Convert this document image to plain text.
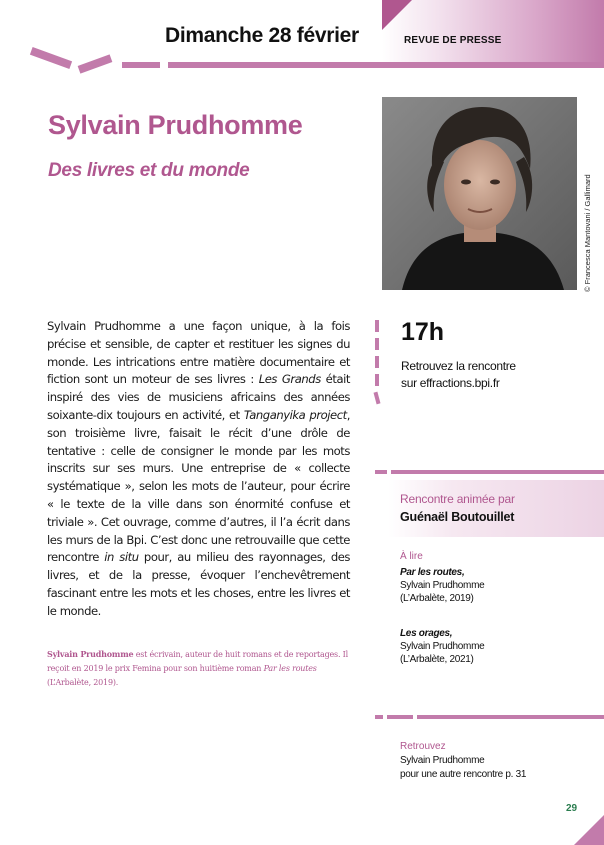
Dimanche 28 février	REVUE DE PRESSE
Sylvain Prudhomme
Des livres et du monde
© Francesca Mantovani / Gallimard

Sylvain Prudhomme a une façon unique, à la fois précise et sensible, de capter et restituer les signes du monde. Les intrications entre matière documentaire et fiction sont un moteur de ses livres : Les Grands était inspiré des vies de musiciens africains des années soixante-dix toujours en activité, et Tanganyika project, son troisième livre, faisait le récit d’une drôle de tentative : celle de consigner le monde par les mots inscrits sur ses murs. Une entreprise de « collecte systématique », selon les mots de l’auteur, pour écrire « le texte de la ville dans son énormité confuse et triviale ». Cet ouvrage, comme d’autres, il l’a écrit dans les murs de la Bpi. C’est donc une retrouvaille que cette rencontre in situ pour, au milieu des rayonnages, des livres, et de la presse, évoquer l’enchevêtrement fascinant entre les mots et les choses, entre les livres et le monde.

Sylvain Prudhomme est écrivain, auteur de huit romans et de reportages. Il reçoit en 2019 le prix Femina pour son huitième roman Par les routes (L’Arbalète, 2019).

17h
Retrouvez la rencontre
sur effractions.bpi.fr
Rencontre animée par
Guénaël Boutouillet
À lire
Par les routes,
Sylvain Prudhomme
(L’Arbalète, 2019)
Les orages,
Sylvain Prudhomme
(L’Arbalète, 2021)
Retrouvez
Sylvain Prudhomme
pour une autre rencontre p. 31
29
